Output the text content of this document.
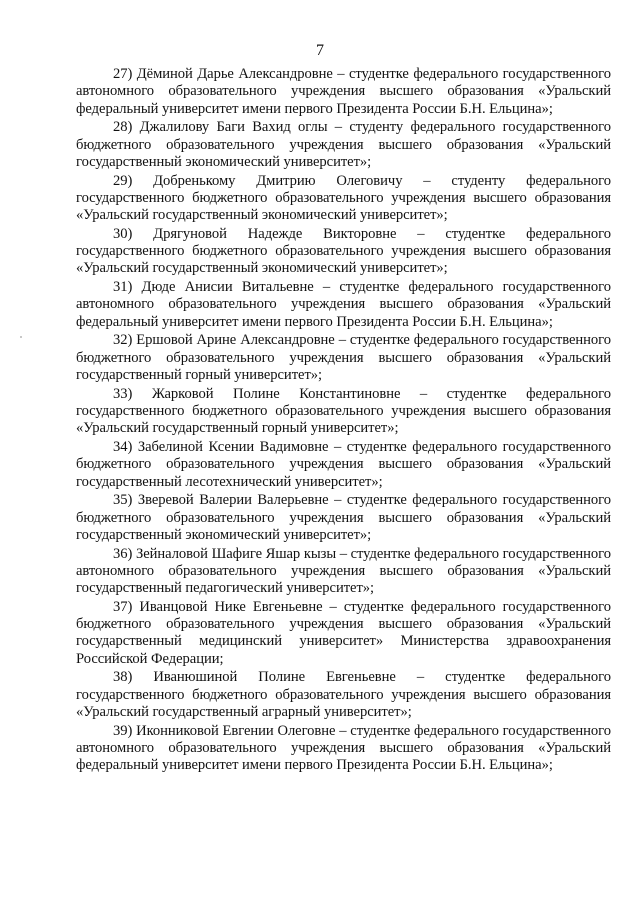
7

27) Дёминой Дарье Александровне – студентке федерального государственного автономного образовательного учреждения высшего образования «Уральский федеральный университет имени первого Президента России Б.Н. Ельцина»;

28) Джалилову Баги Вахид оглы – студенту федерального государственного бюджетного образовательного учреждения высшего образования «Уральский государственный экономический университет»;

29) Добренькому Дмитрию Олеговичу – студенту федерального государственного бюджетного образовательного учреждения высшего образования «Уральский государственный экономический университет»;

30) Дрягуновой Надежде Викторовне – студентке федерального государственного бюджетного образовательного учреждения высшего образования «Уральский государственный экономический университет»;

31) Дюде Анисии Витальевне – студентке федерального государственного автономного образовательного учреждения высшего образования «Уральский федеральный университет имени первого Президента России Б.Н. Ельцина»;

32) Ершовой Арине Александровне – студентке федерального государственного бюджетного образовательного учреждения высшего образования «Уральский государственный горный университет»;

33) Жарковой Полине Константиновне – студентке федерального государственного бюджетного образовательного учреждения высшего образования «Уральский государственный горный университет»;

34) Забелиной Ксении Вадимовне – студентке федерального государственного бюджетного образовательного учреждения высшего образования «Уральский государственный лесотехнический университет»;

35) Зверевой Валерии Валерьевне – студентке федерального государственного бюджетного образовательного учреждения высшего образования «Уральский государственный экономический университет»;

36) Зейналовой Шафиге Яшар кызы – студентке федерального государственного автономного образовательного учреждения высшего образования «Уральский государственный педагогический университет»;

37) Иванцовой Нике Евгеньевне – студентке федерального государственного бюджетного образовательного учреждения высшего образования «Уральский государственный медицинский университет» Министерства здравоохранения Российской Федерации;

38) Иванюшиной Полине Евгеньевне – студентке федерального государственного бюджетного образовательного учреждения высшего образования «Уральский государственный аграрный университет»;

39) Иконниковой Евгении Олеговне – студентке федерального государственного автономного образовательного учреждения высшего образования «Уральский федеральный университет имени первого Президента России Б.Н. Ельцина»;
